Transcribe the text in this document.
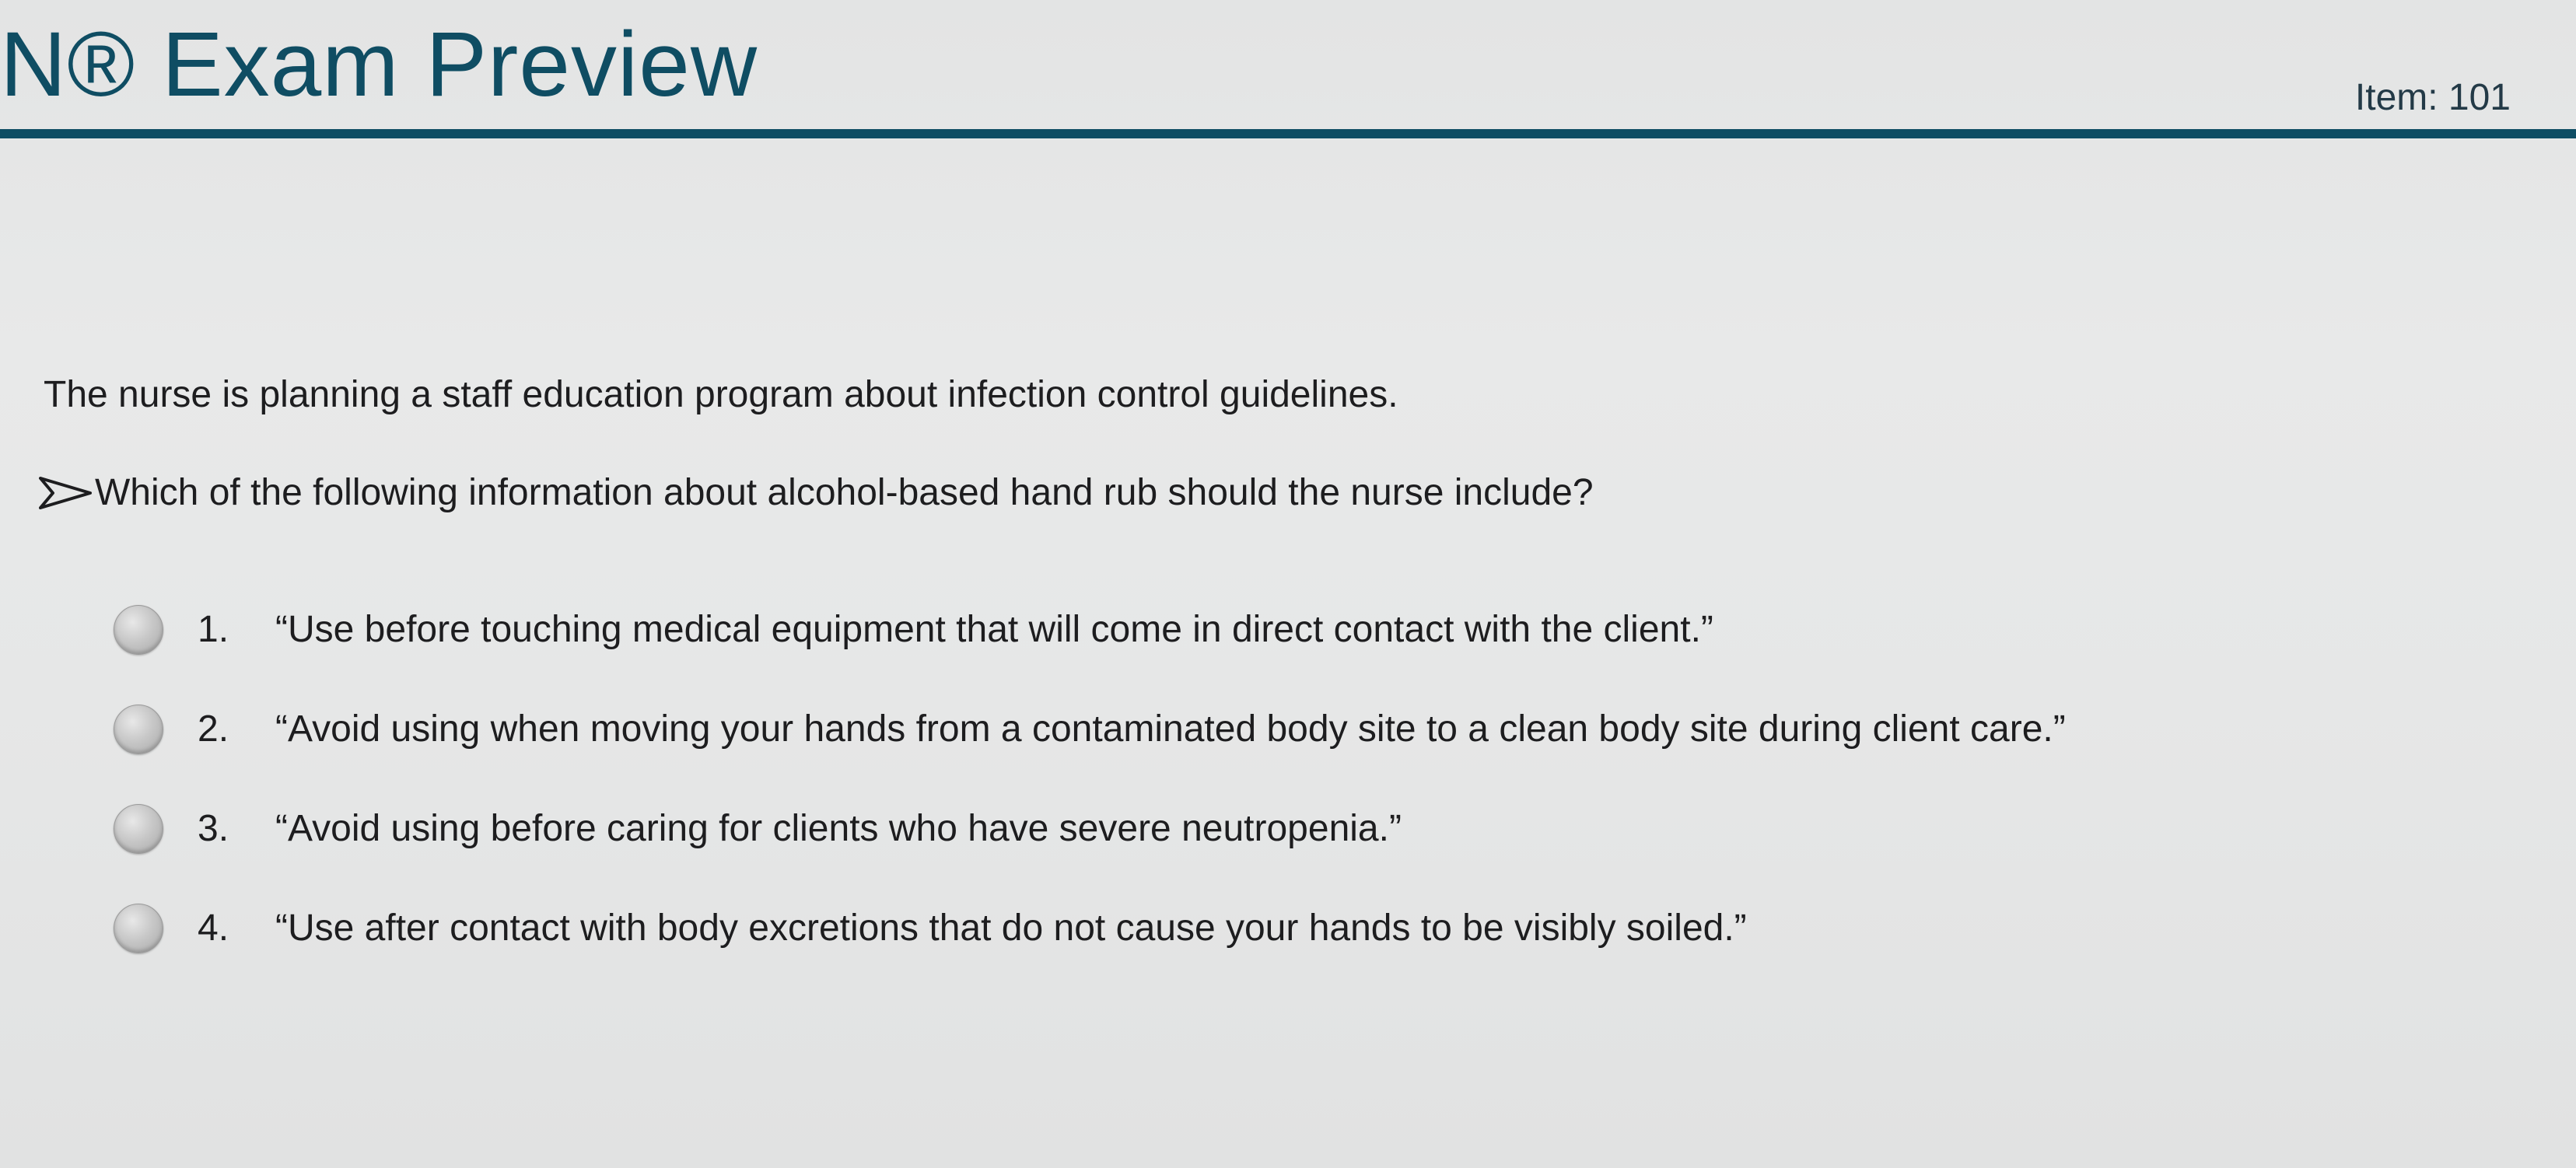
N® Exam Preview	Item: 101
The nurse is planning a staff education program about infection control guidelines.
Which of the following information about alcohol-based hand rub should the nurse include?
1.	“Use before touching medical equipment that will come in direct contact with the client.”
2.	“Avoid using when moving your hands from a contaminated body site to a clean body site during client care.”
3.	“Avoid using before caring for clients who have severe neutropenia.”
4.	“Use after contact with body excretions that do not cause your hands to be visibly soiled.”
